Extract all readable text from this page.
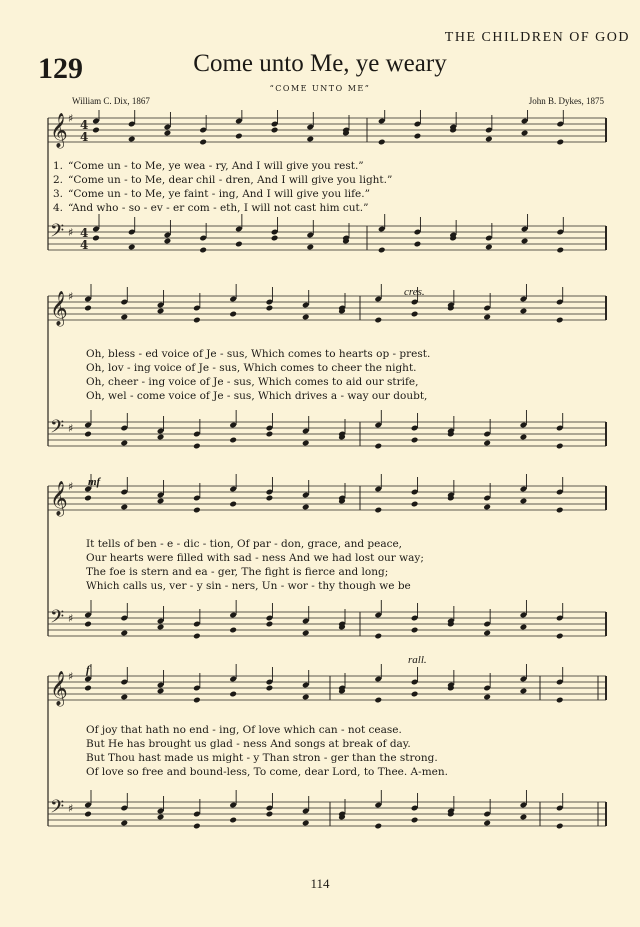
THE CHILDREN OF GOD
129	Come unto Me, ye weary
“COME UNTO ME”
William C. Dix, 1867	John B. Dykes, 1875
𝄞 ♯ 4
4
𝄢 ♯ 4
4
1. “Come un - to Me, ye wea - ry, And I will give you rest.”
2. “Come un - to Me, dear chil - dren, And I will give you light.”
3. “Come un - to Me, ye faint - ing, And I will give you life.”
4. “And who - so - ev - er com - eth, I will not cast him cut.”
𝄞 ♯
𝄢 ♯
cres.
Oh, bless - ed voice of Je - sus, Which comes to hearts op - prest.
Oh, lov - ing voice of Je - sus, Which comes to cheer the night.
Oh, cheer - ing voice of Je - sus, Which comes to aid our strife,
Oh, wel - come voice of Je - sus, Which drives a - way our doubt,
𝄞 ♯
𝄢 ♯
mf
It tells of ben - e - dic - tion, Of par - don, grace, and peace,
Our hearts were filled with sad - ness And we had lost our way;
The foe is stern and ea - ger, The fight is fierce and long;
Which calls us, ver - y sin - ners, Un - wor - thy though we be
𝄞 ♯
𝄢 ♯
f
rall.
Of joy that hath no end - ing, Of love which can - not cease.
But He has brought us glad - ness And songs at break of day.
But Thou hast made us might - y Than stron - ger than the strong.
Of love so free and bound-less, To come, dear Lord, to Thee. A-men.
114
